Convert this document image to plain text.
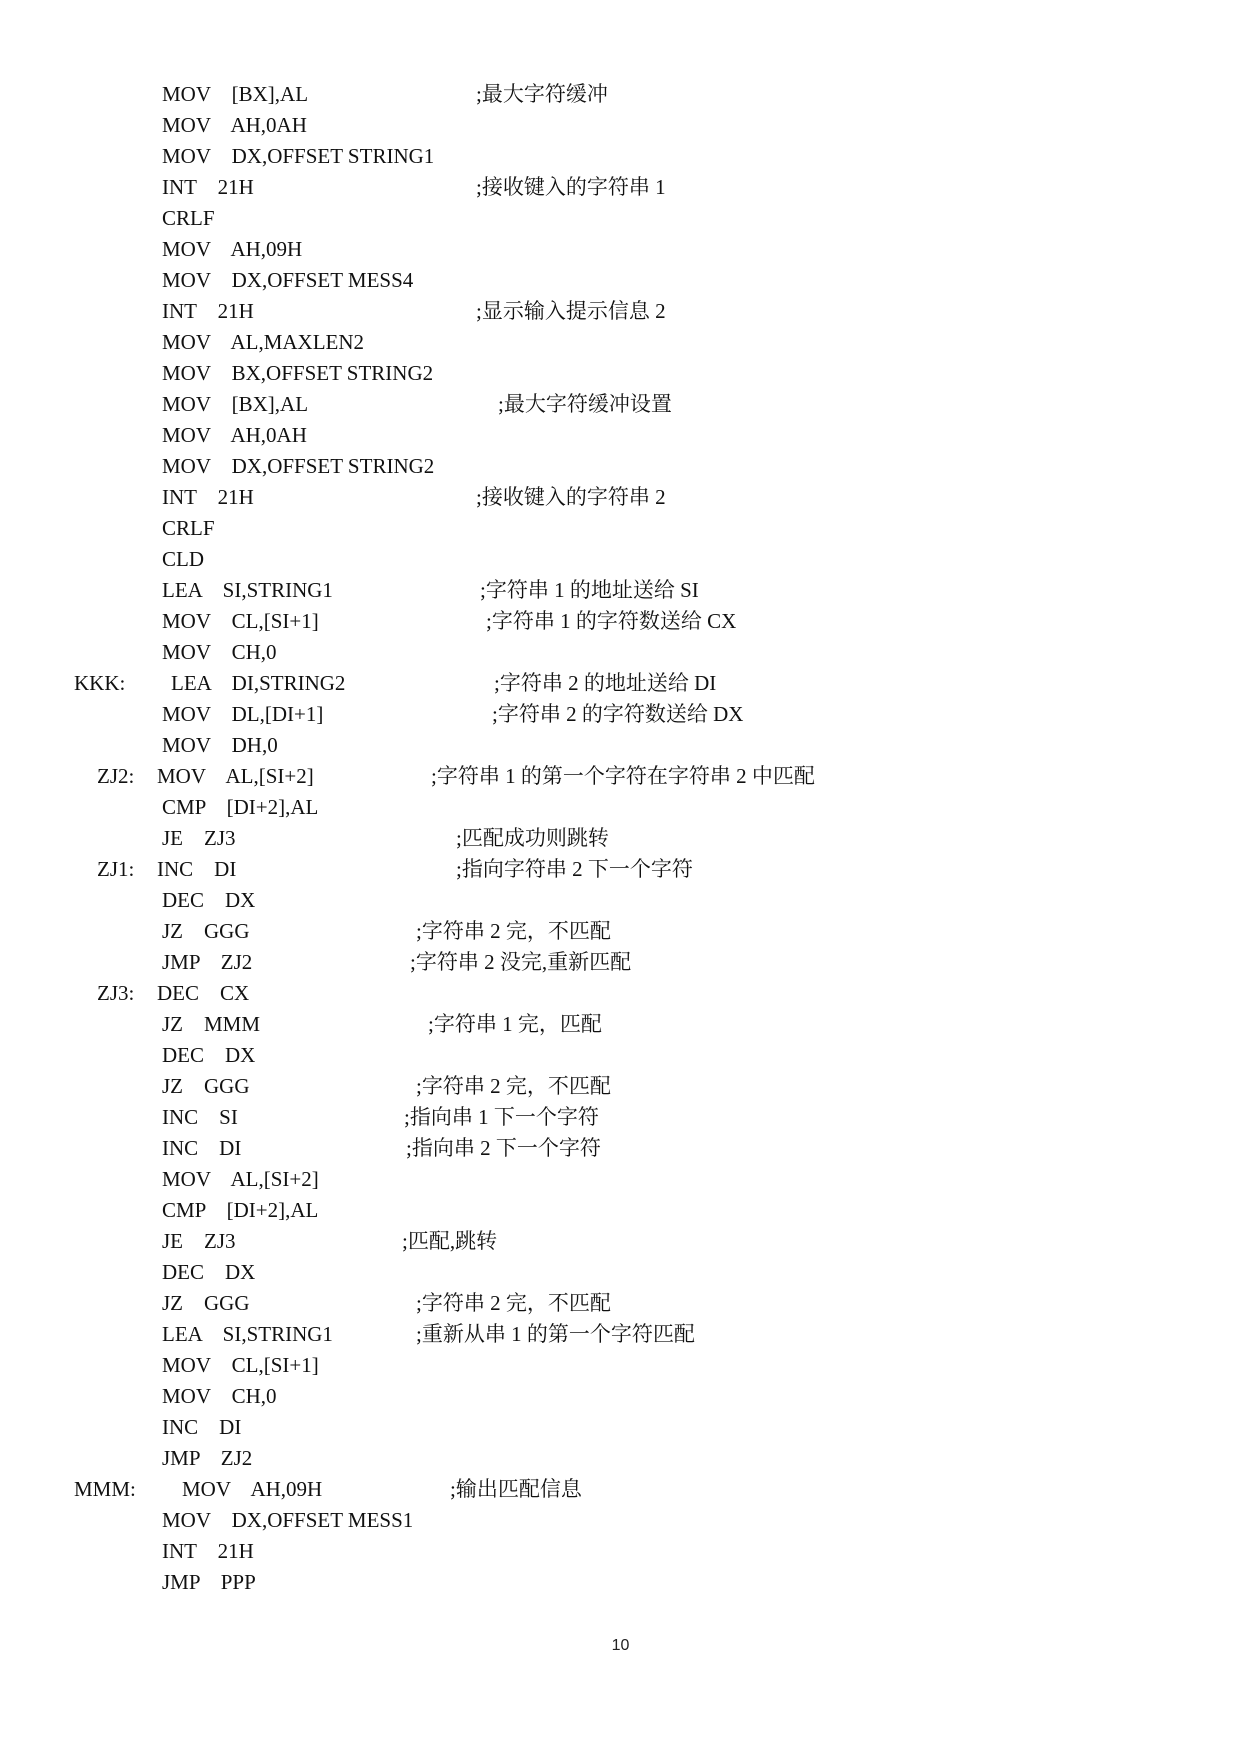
MOV    [BX],AL	;最大字符缓冲
MOV    AH,0AH
MOV    DX,OFFSET STRING1
INT    21H	;接收键入的字符串 1
CRLF
MOV    AH,09H
MOV    DX,OFFSET MESS4
INT    21H	;显示输入提示信息 2
MOV    AL,MAXLEN2
MOV    BX,OFFSET STRING2
MOV    [BX],AL	;最大字符缓冲设置
MOV    AH,0AH
MOV    DX,OFFSET STRING2
INT    21H	;接收键入的字符串 2
CRLF
CLD
LEA    SI,STRING1	;字符串 1 的地址送给 SI
MOV    CL,[SI+1]	;字符串 1 的字符数送给 CX
MOV    CH,0
KKK: LEA    DI,STRING2	;字符串 2 的地址送给 DI
MOV    DL,[DI+1]	;字符串 2 的字符数送给 DX
MOV    DH,0
ZJ2: MOV    AL,[SI+2]	;字符串 1 的第一个字符在字符串 2 中匹配
CMP    [DI+2],AL
JE    ZJ3	;匹配成功则跳转
ZJ1: INC    DI	;指向字符串 2 下一个字符
DEC    DX
JZ    GGG	;字符串 2 完，不匹配
JMP    ZJ2	;字符串 2 没完,重新匹配
ZJ3: DEC    CX
JZ    MMM	;字符串 1 完，匹配
DEC    DX
JZ    GGG	;字符串 2 完，不匹配
INC    SI	;指向串 1 下一个字符
INC    DI	;指向串 2 下一个字符
MOV    AL,[SI+2]
CMP    [DI+2],AL
JE    ZJ3	;匹配,跳转
DEC    DX
JZ    GGG	;字符串 2 完，不匹配
LEA    SI,STRING1	;重新从串 1 的第一个字符匹配
MOV    CL,[SI+1]
MOV    CH,0
INC    DI
JMP    ZJ2
MMM: MOV    AH,09H	;输出匹配信息
MOV    DX,OFFSET MESS1
INT    21H
JMP    PPP
10
